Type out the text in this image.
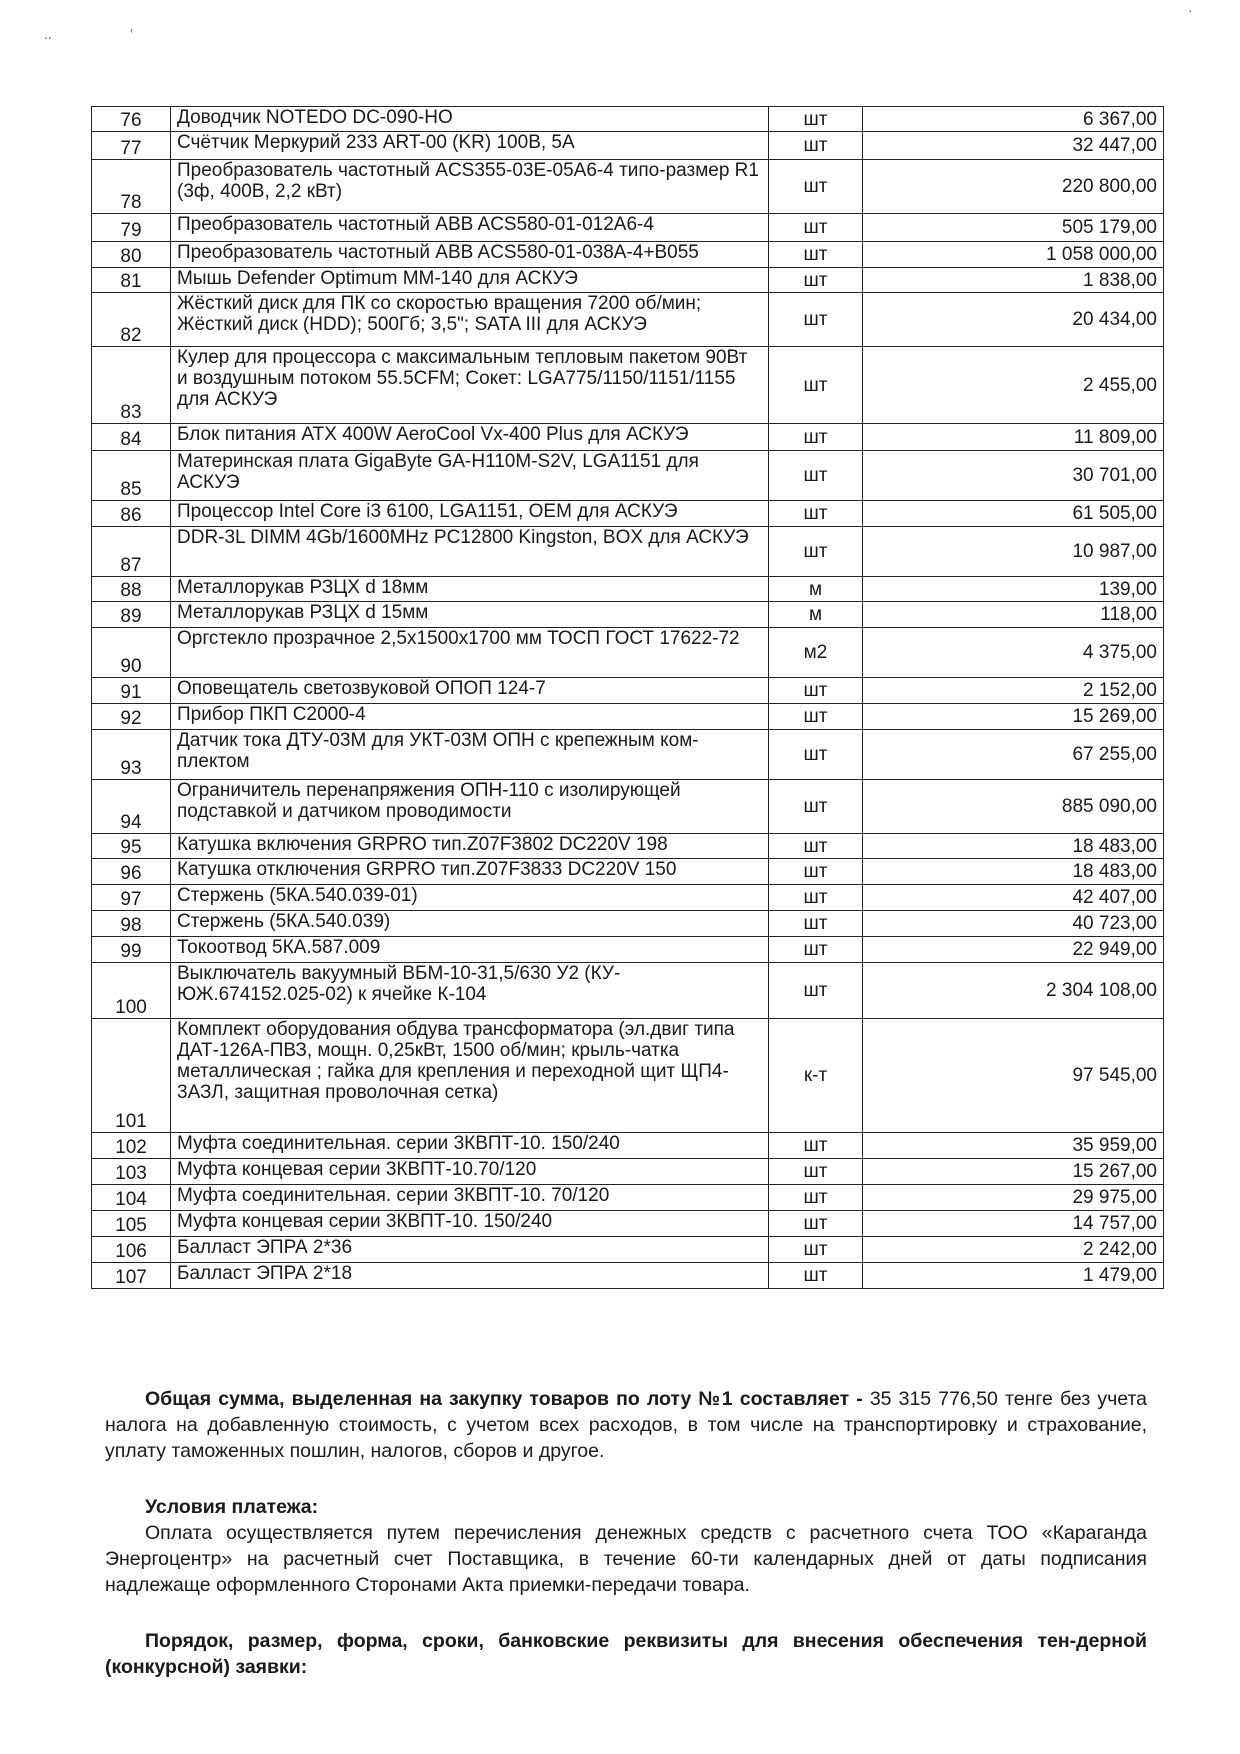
..	’
·
76	Доводчик NOTEDO DC-090-HO	шт	6 367,00
77	Счётчик Меркурий 233 ART-00 (KR) 100В, 5А	шт	32 447,00
78	Преобразователь частотный ACS355-03E-05A6-4 типо-размер R1 (3ф, 400В, 2,2 кВт)	шт	220 800,00
79	Преобразователь частотный ABB ACS580-01-012A6-4	шт	505 179,00
80	Преобразователь частотный ABB ACS580-01-038A-4+B055	шт	1 058 000,00
81	Мышь Defender Optimum MM-140 для АСКУЭ	шт	1 838,00
82	Жёсткий диск для ПК со скоростью вращения 7200 об/мин; Жёсткий диск (HDD); 500Гб; 3,5"; SATA III для АСКУЭ	шт	20 434,00
83	Кулер для процессора с максимальным тепловым пакетом 90Вт и воздушным потоком 55.5CFM; Сокет: LGA775/1150/1151/1155 для АСКУЭ	шт	2 455,00
84	Блок питания ATX 400W AeroCool Vx-400 Plus для АСКУЭ	шт	11 809,00
85	Материнская плата GigaByte GA-H110M-S2V, LGA1151 для АСКУЭ	шт	30 701,00
86	Процессор Intel Core i3 6100, LGA1151, OEM для АСКУЭ	шт	61 505,00
87	DDR-3L DIMM 4Gb/1600MHz PC12800 Kingston, BOX для АСКУЭ	шт	10 987,00
88	Металлорукав РЗЦХ d 18мм	м	139,00
89	Металлорукав РЗЦХ d 15мм	м	118,00
90	Оргстекло прозрачное 2,5х1500х1700 мм ТОСП ГОСТ 17622-72	м2	4 375,00
91	Оповещатель светозвуковой ОПОП 124-7	шт	2 152,00
92	Прибор ПКП С2000-4	шт	15 269,00
93	Датчик тока ДТУ-03М для УКТ-03М ОПН с крепежным ком-плектом	шт	67 255,00
94	Ограничитель перенапряжения ОПН-110 с изолирующей подставкой и датчиком проводимости	шт	885 090,00
95	Катушка включения GRPRO тип.Z07F3802 DC220V 198	шт	18 483,00
96	Катушка отключения GRPRO тип.Z07F3833 DC220V 150	шт	18 483,00
97	Стержень (5КА.540.039-01)	шт	42 407,00
98	Стержень (5КА.540.039)	шт	40 723,00
99	Токоотвод 5КА.587.009	шт	22 949,00
100	Выключатель вакуумный ВБМ-10-31,5/630 У2 (КУ-ЮЖ.674152.025-02) к ячейке К-104	шт	2 304 108,00
101	Комплект оборудования обдува трансформатора (эл.двиг типа ДАТ-126А-ПВЗ, мощн. 0,25кВт, 1500 об/мин; крыль-чатка металлическая ; гайка для крепления и переходной щит ЩП4-3АЗЛ, защитная проволочная сетка)	к-т	97 545,00
102	Муфта соединительная. серии 3КВПТ-10. 150/240	шт	35 959,00
103	Муфта концевая серии 3КВПТ-10.70/120	шт	15 267,00
104	Муфта соединительная. серии 3КВПТ-10. 70/120	шт	29 975,00
105	Муфта концевая серии 3КВПТ-10. 150/240	шт	14 757,00
106	Балласт ЭПРА 2*36	шт	2 242,00
107	Балласт ЭПРА 2*18	шт	1 479,00
Общая сумма, выделенная на закупку товаров по лоту №1 составляет - 35 315 776,50 тенге без учета налога на добавленную стоимость, с учетом всех расходов, в том числе на транспортировку и страхование, уплату таможенных пошлин, налогов, сборов и другое.
Условия платежа:
Оплата осуществляется путем перечисления денежных средств с расчетного счета ТОО «Караганда Энергоцентр» на расчетный счет Поставщика, в течение 60-ти календарных дней от даты подписания надлежаще оформленного Сторонами Акта приемки-передачи товара.
Порядок, размер, форма, сроки, банковские реквизиты для внесения обеспечения тен-дерной (конкурсной) заявки:
